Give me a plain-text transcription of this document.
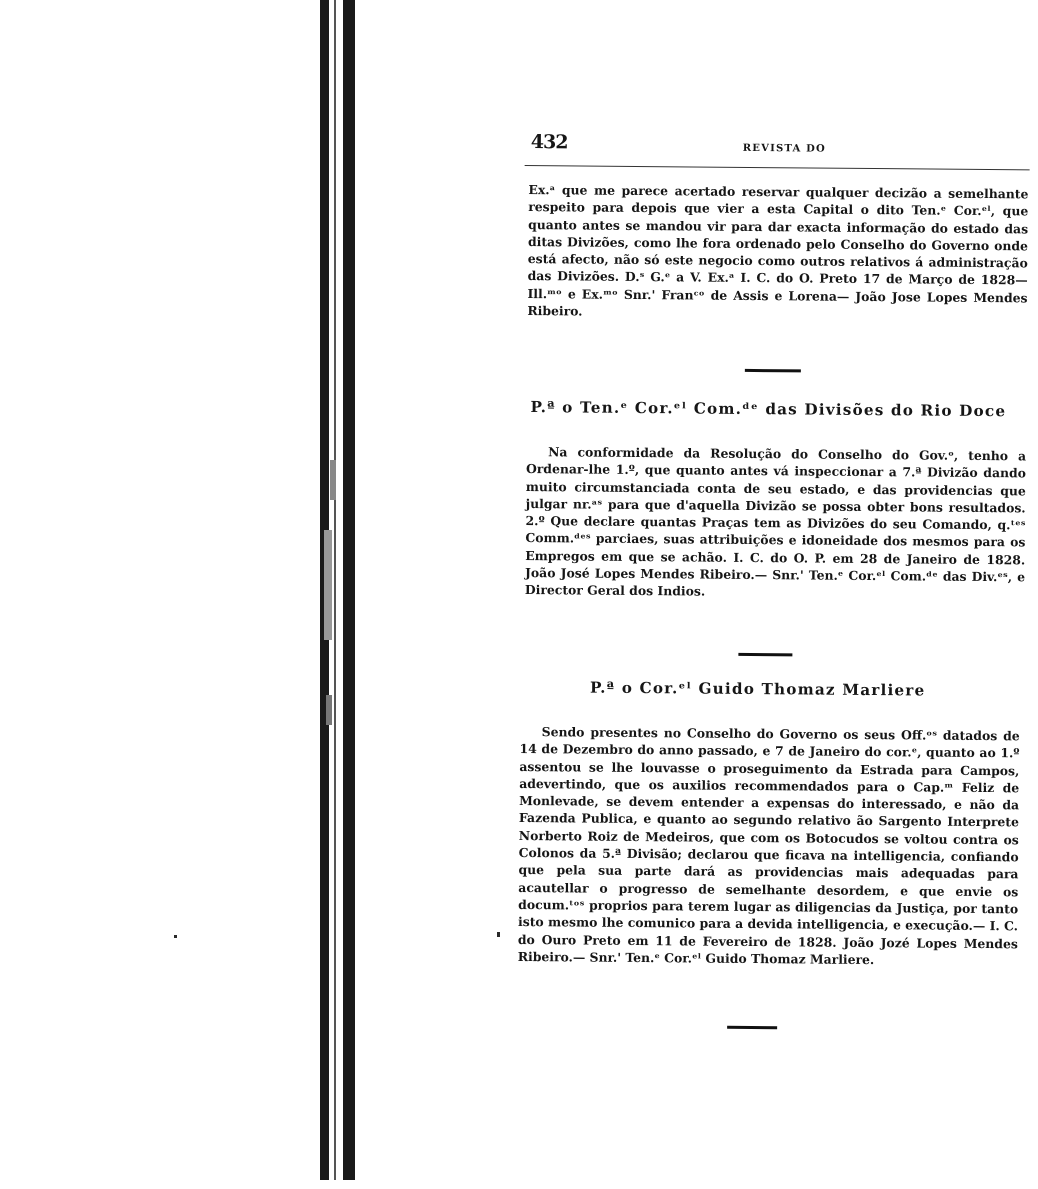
432	REVISTA DO

Ex.ᵃ que me parece acertado reservar qualquer decizão a semelhante respeito para depois que vier a esta Capital o dito Ten.ᵉ Cor.ᵉˡ, que quanto antes se mandou vir para dar exacta informação do estado das ditas Divizões, como lhe fora ordenado pelo Conselho do Governo onde está afecto, não só este negocio como outros relativos á administração das Divizões. D.ˢ G.ᵉ a V. Ex.ᵃ I. C. do O. Preto 17 de Março de 1828—Ill.ᵐᵒ e Ex.ᵐᵒ Snr.' Franᶜᵒ de Assis e Lorena— João Jose Lopes Mendes Ribeiro.

P.ª o Ten.ᵉ Cor.ᵉˡ Com.ᵈᵉ das Divisões do Rio Doce

Na conformidade da Resolução do Conselho do Gov.ᵒ, tenho a Ordenar-lhe 1.º, que quanto antes vá inspeccionar a 7.ª Divizão dando muito circumstanciada conta de seu estado, e das providencias que julgar nr.ᵃˢ para que d'aquella Divizão se possa obter bons resultados. 2.º Que declare quantas Praças tem as Divizões do seu Comando, q.ᵗᵉˢ Comm.ᵈᵉˢ parciaes, suas attribuições e idoneidade dos mesmos para os Empregos em que se achão. I. C. do O. P. em 28 de Janeiro de 1828. João José Lopes Mendes Ribeiro.— Snr.' Ten.ᵉ Cor.ᵉˡ Com.ᵈᵉ das Div.ᵉˢ, e Director Geral dos Indios.

P.ª o Cor.ᵉˡ Guido Thomaz Marliere

Sendo presentes no Conselho do Governo os seus Off.ᵒˢ datados de 14 de Dezembro do anno passado, e 7 de Janeiro do cor.ᵉ, quanto ao 1.º assentou se lhe louvasse o proseguimento da Estrada para Campos, adevertindo, que os auxilios recommendados para o Cap.ᵐ Feliz de Monlevade, se devem entender a expensas do interessado, e não da Fazenda Publica, e quanto ao segundo relativo ão Sargento Interprete Norberto Roiz de Medeiros, que com os Botocudos se voltou contra os Colonos da 5.ª Divisão; declarou que ficava na intelligencia, confiando que pela sua parte dará as providencias mais adequadas para acautellar o progresso de semelhante desordem, e que envie os docum.ᵗᵒˢ proprios para terem lugar as diligencias da Justiça, por tanto isto mesmo lhe comunico para a devida intelligencia, e execução.— I. C. do Ouro Preto em 11 de Fevereiro de 1828. João Jozé Lopes Mendes Ribeiro.— Snr.' Ten.ᵉ Cor.ᵉˡ Guido Thomaz Marliere.
